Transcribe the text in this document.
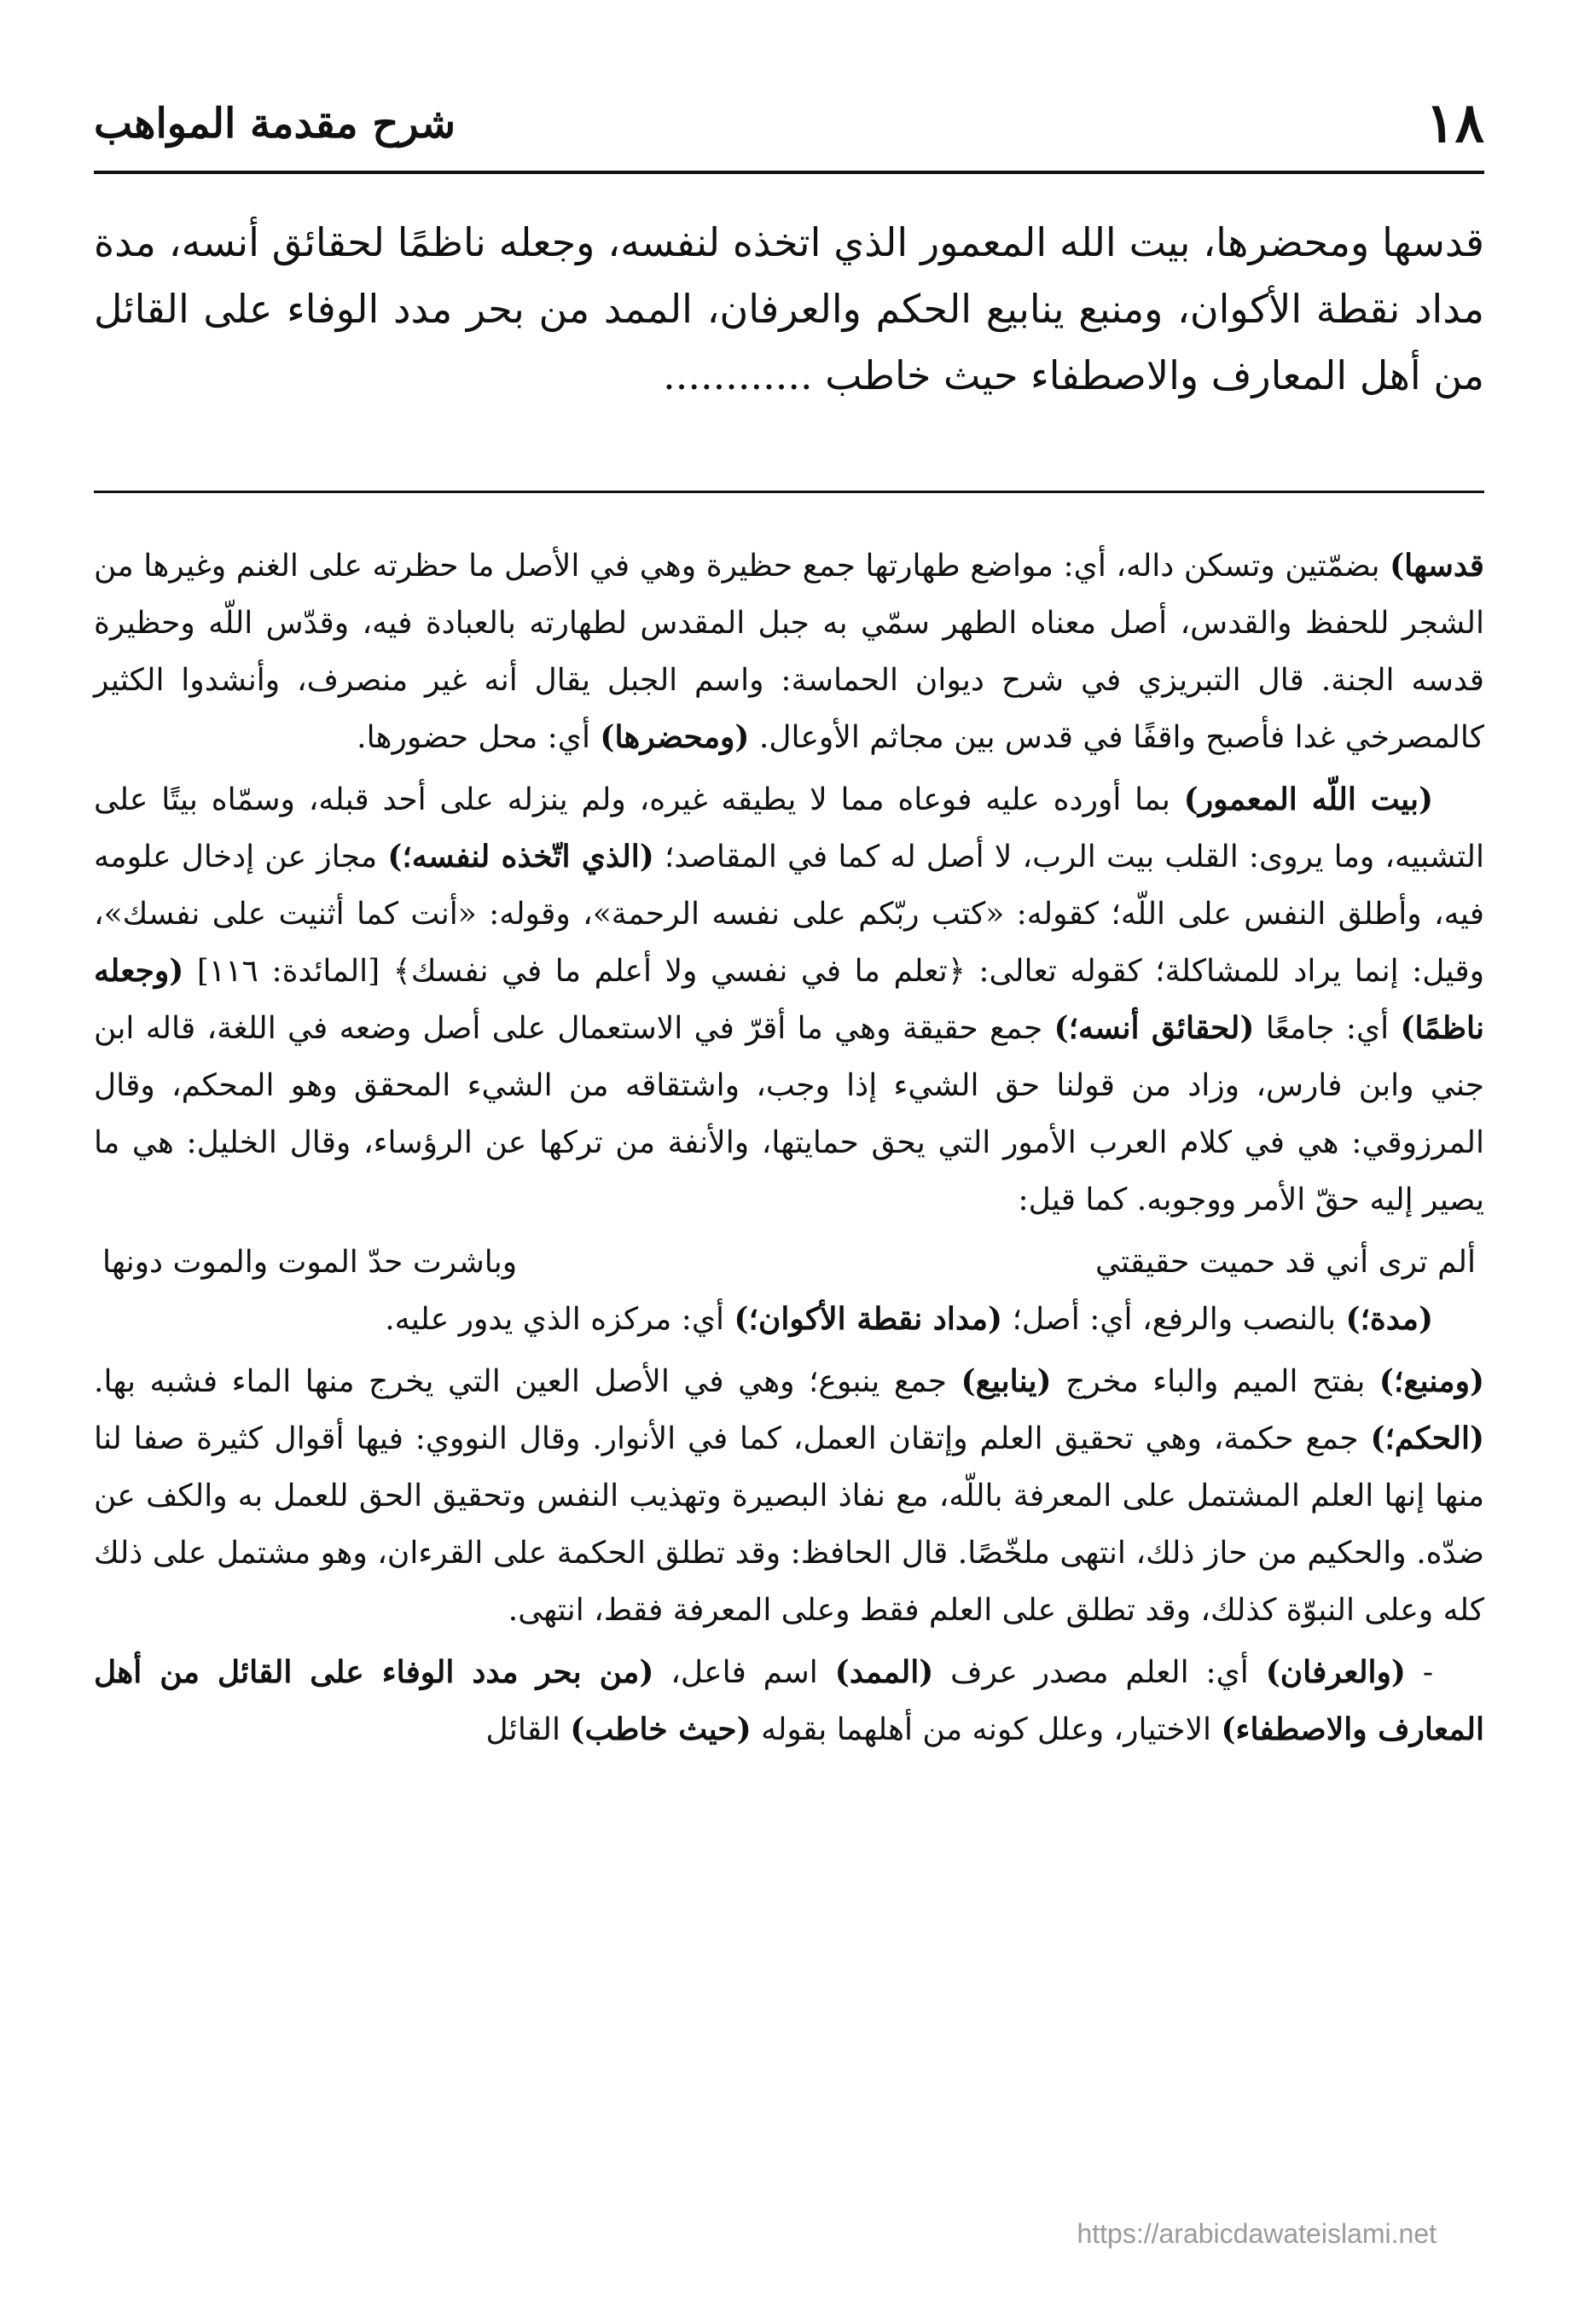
١٨
شرح مقدمة المواهب

قدسها ومحضرها، بيت الله المعمور الذي اتخذه لنفسه، وجعله ناظمًا لحقائق أنسه، مدة مداد نقطة الأكوان، ومنبع ينابيع الحكم والعرفان، الممد من بحر مدد الوفاء على القائل من أهل المعارف والاصطفاء حيث خاطب ............

قدسها) بضمّتين وتسكن داله، أي: مواضع طهارتها جمع حظيرة وهي في الأصل ما حظرته على الغنم وغيرها من الشجر للحفظ والقدس، أصل معناه الطهر سمّي به جبل المقدس لطهارته بالعبادة فيه، وقدّس اللّه وحظيرة قدسه الجنة. قال التبريزي في شرح ديوان الحماسة: واسم الجبل يقال أنه غير منصرف، وأنشدوا الكثير كالمصرخي غدا فأصبح واقفًا في قدس بين مجاثم الأوعال. (ومحضرها) أي: محل حضورها.

(بيت اللّه المعمور) بما أورده عليه فوعاه مما لا يطيقه غيره، ولم ينزله على أحد قبله، وسمّاه بيتًا على التشبيه، وما يروى: القلب بيت الرب، لا أصل له كما في المقاصد؛ (الذي اتّخذه لنفسه؛) مجاز عن إدخال علومه فيه، وأطلق النفس على اللّه؛ كقوله: «كتب ربّكم على نفسه الرحمة»، وقوله: «أنت كما أثنيت على نفسك»، وقيل: إنما يراد للمشاكلة؛ كقوله تعالى: ﴿تعلم ما في نفسي ولا أعلم ما في نفسك﴾ [المائدة: ١١٦] (وجعله ناظمًا) أي: جامعًا (لحقائق أنسه؛) جمع حقيقة وهي ما أقرّ في الاستعمال على أصل وضعه في اللغة، قاله ابن جني وابن فارس، وزاد من قولنا حق الشيء إذا وجب، واشتقاقه من الشيء المحقق وهو المحكم، وقال المرزوقي: هي في كلام العرب الأمور التي يحق حمايتها، والأنفة من تركها عن الرؤساء، وقال الخليل: هي ما يصير إليه حقّ الأمر ووجوبه. كما قيل:

ألم ترى أني قد حميت حقيقتي
وباشرت حدّ الموت والموت دونها

(مدة؛) بالنصب والرفع، أي: أصل؛ (مداد نقطة الأكوان؛) أي: مركزه الذي يدور عليه.

(ومنبع؛) بفتح الميم والباء مخرج (ينابيع) جمع ينبوع؛ وهي في الأصل العين التي يخرج منها الماء فشبه بها. (الحكم؛) جمع حكمة، وهي تحقيق العلم وإتقان العمل، كما في الأنوار. وقال النووي: فيها أقوال كثيرة صفا لنا منها إنها العلم المشتمل على المعرفة باللّه، مع نفاذ البصيرة وتهذيب النفس وتحقيق الحق للعمل به والكف عن ضدّه. والحكيم من حاز ذلك، انتهى ملخّصًا. قال الحافظ: وقد تطلق الحكمة على القرءان، وهو مشتمل على ذلك كله وعلى النبوّة كذلك، وقد تطلق على العلم فقط وعلى المعرفة فقط، انتهى.

- (والعرفان) أي: العلم مصدر عرف (الممد) اسم فاعل، (من بحر مدد الوفاء على القائل من أهل المعارف والاصطفاء) الاختيار، وعلل كونه من أهلهما بقوله (حيث خاطب) القائل

https://arabicdawateislami.net
